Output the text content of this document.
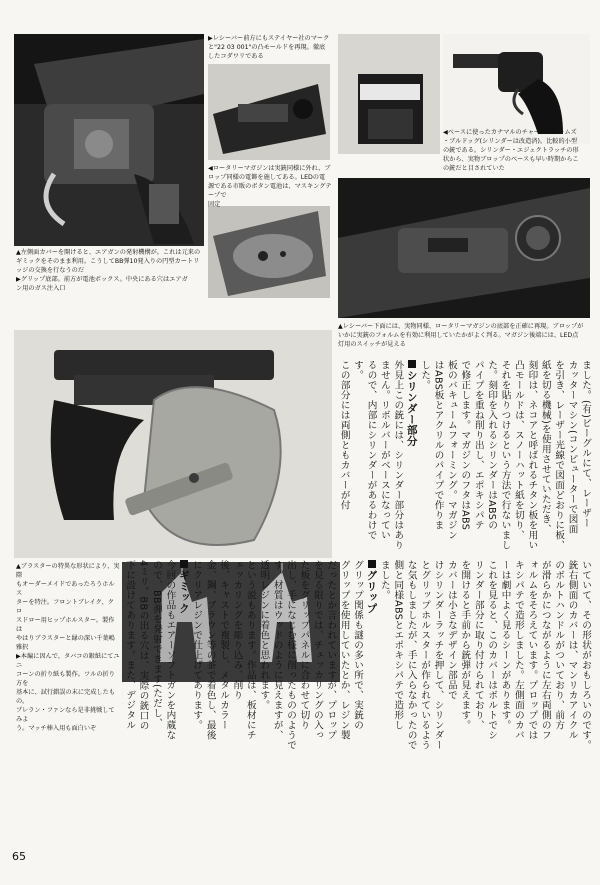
▲左側面カバーを開けると、エアガンの発射機構が。これは元来の

ギミックをそのまま利用。こうしてBB弾10発入りの円型カートリ

ッジの交換を行なうのだ

▶グリップ底部。前方が電池ボックス。中央にある穴はエアガ

ン用のガス注入口

▶レシーバー前方にもステイヤー社のマーク

と"22 03 001"の凸モールドを再現。徹底

したコダワリである

◀ロータリーマガジンは実銃同様に外れ、ブ

ロップ同様の電飾を施してある。LEDの電

源である市販のボタン電池は、マスキングテープで

固定

◀ベースに使ったカナマルのチャーターアームズ

・ブルドッグ(シリンダーは改造済)。比較的小型

の銃である。シリンダー・エジェクトラッチの形

状から、実物ブロップのベースも早い時期からこ

の銃だと目されていた

▲レシーバー下面には、実物同様、ロータリーマガジンの底部を正確に再現。ブロップが

いかに実銃のフォルムを有効に利用していたかがよく判る。マガジン後端には、LED点

灯用のスイッチが見える

▲ブラスターの特異な形状により、実際

もオーダーメイドであったろうホルス

ターを特注。フロントブレイク、クロ

スドロー用ヒップホルスター。製作は

やはりブラスターと縁の深い千葉嶋雅択

▶本編に因んで、タバコの銀紙にてユニ

コーンの折り紙も製作。ツルの折り方を

基本に、試行錯誤の末に完成したもの。

ブレラン・ファンなら是非挑戦してみよ

う。マッチ棒入用も面白いぞ

ました。(有)ビーグルにて、レーザー

カッターマシン(コンピューターで図面

を引き、レーザー光線で図面どおりに板、

紙を切る機械)を使用させていただき、

刻印は、ネコアと呼ばれるチタン板を用い

凸モールドは、スノーハット紙を切り、

それを貼りつけるという方法で行ないまし

た。刻印を入れるシリンダーはABSの

パイプを重ね削り出し、エポキシパテ

で修正します。マガジンのフタはABS

板のバキュームフォーミング。マガジン

はABS板とアクリルのパイプで作りま

した。

シリンダー部分

外見上この銃には、シリンダー部分はあり

ません。リボルバーがベースになってい

るので、内部にシリンダーがあるわけです。

この部分には両側ともカバーが付

いていて、その形状がおもしろいのです。

銃右側面のカバーは、マンリカアイクル

のボルトハンドルがついており、前方

が滑らかにつながるように左右両側のフ

ォルムをそろえています。プロップでは

キシパテで造形しました。左側面のカバ

ーは劇中よく見るシーンがあります。

これを見ると、このカバーはボルトでシ

リンダー部分に取り付けられており、

を開けると手前から銃弾が見えます。

カバーは小さなデザイン部品で

けシリンダーラッチを押して、シリンダー

とグリップホルスターが作られているよう

な気もしましたが、手に入らなかったので

側と同様ABSとエポキシパテで造形し

ました。

グリップ

グリップ関係も謎の多い所で、実銃の

グリップを使用していたとか、レジン製

だったとか言われていますが、プロップ

を見る限りでは、チェッカリングの入っ

た板をグリップパネルに合わせて切り

出し、手になじむ様に削ったもののようで

す。材質はウッドのように見えますが、

透明レジンに着色と思われます。

という説もあります。作品は、板材にチ

ェッカリングを彫り込み、削り

後、キャストで複製し、メタルカラー

金、鋼、ブラウン等の茶で着色し、最後

にクリアレジンで仕上げてあります。

ギミック

今回の作品もエアーソフトガンを内蔵な

ので、BB弾を発射できます(ただし、

4ミリ。BBの出る穴は、実際の銃口の

下に設けてあります。また、デジタル

65
